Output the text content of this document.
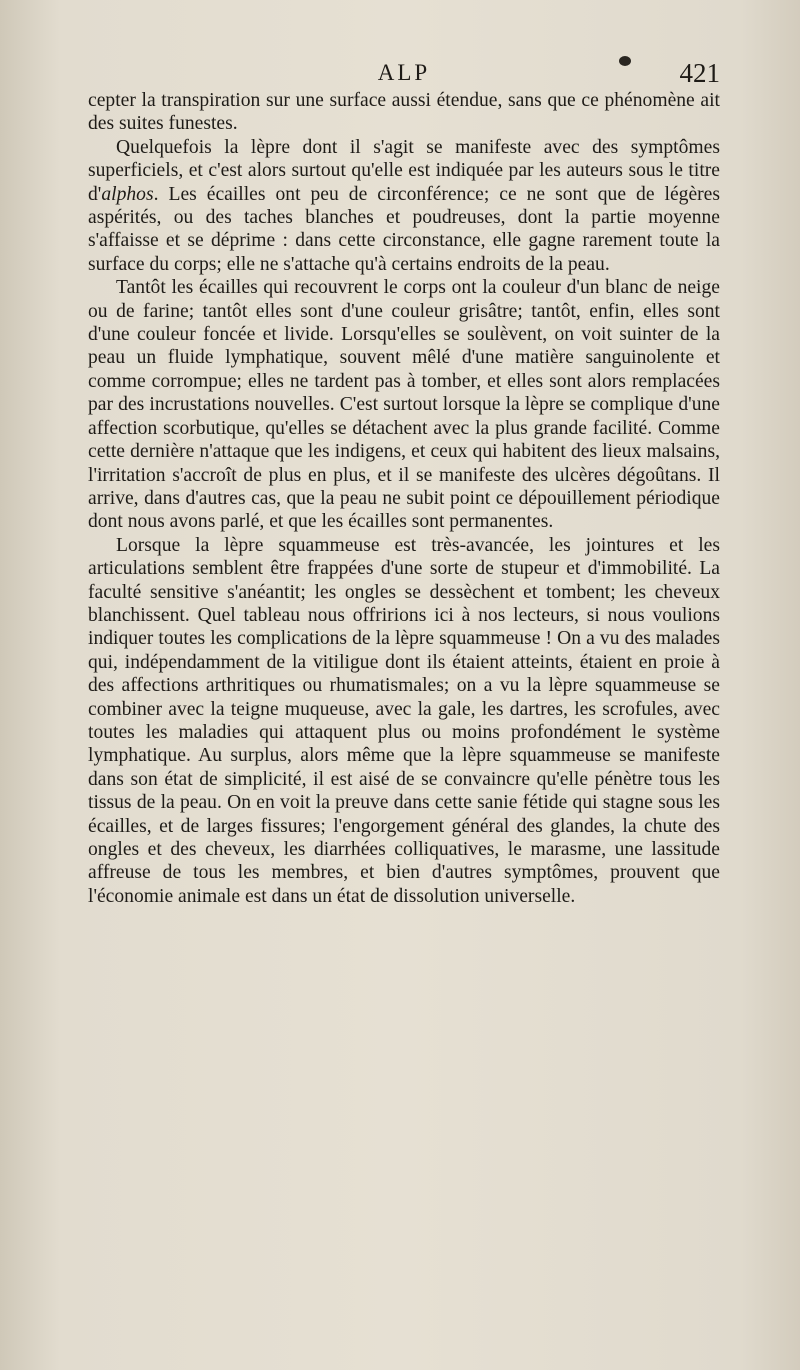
ALP	421

cepter la transpiration sur une surface aussi étendue, sans que ce phénomène ait des suites funestes.

Quelquefois la lèpre dont il s'agit se manifeste avec des symptômes superficiels, et c'est alors surtout qu'elle est indiquée par les auteurs sous le titre d'alphos. Les écailles ont peu de circonférence; ce ne sont que de légères aspérités, ou des taches blanches et poudreuses, dont la partie moyenne s'affaisse et se déprime : dans cette circonstance, elle gagne rarement toute la surface du corps; elle ne s'attache qu'à certains endroits de la peau.

Tantôt les écailles qui recouvrent le corps ont la couleur d'un blanc de neige ou de farine; tantôt elles sont d'une couleur grisâtre; tantôt, enfin, elles sont d'une couleur foncée et livide. Lorsqu'elles se soulèvent, on voit suinter de la peau un fluide lymphatique, souvent mêlé d'une matière sanguinolente et comme corrompue; elles ne tardent pas à tomber, et elles sont alors remplacées par des incrustations nouvelles. C'est surtout lorsque la lèpre se complique d'une affection scorbutique, qu'elles se détachent avec la plus grande facilité. Comme cette dernière n'attaque que les indigens, et ceux qui habitent des lieux malsains, l'irritation s'accroît de plus en plus, et il se manifeste des ulcères dégoûtans. Il arrive, dans d'autres cas, que la peau ne subit point ce dépouillement périodique dont nous avons parlé, et que les écailles sont permanentes.

Lorsque la lèpre squammeuse est très-avancée, les jointures et les articulations semblent être frappées d'une sorte de stupeur et d'immobilité. La faculté sensitive s'anéantit; les ongles se dessèchent et tombent; les cheveux blanchissent. Quel tableau nous offririons ici à nos lecteurs, si nous voulions indiquer toutes les complications de la lèpre squammeuse ! On a vu des malades qui, indépendamment de la vitiligue dont ils étaient atteints, étaient en proie à des affections arthritiques ou rhumatismales; on a vu la lèpre squammeuse se combiner avec la teigne muqueuse, avec la gale, les dartres, les scrofules, avec toutes les maladies qui attaquent plus ou moins profondément le système lymphatique. Au surplus, alors même que la lèpre squammeuse se manifeste dans son état de simplicité, il est aisé de se convaincre qu'elle pénètre tous les tissus de la peau. On en voit la preuve dans cette sanie fétide qui stagne sous les écailles, et de larges fissures; l'engorgement général des glandes, la chute des ongles et des cheveux, les diarrhées colliquatives, le marasme, une lassitude affreuse de tous les membres, et bien d'autres symptômes, prouvent que l'économie animale est dans un état de dissolution universelle.
